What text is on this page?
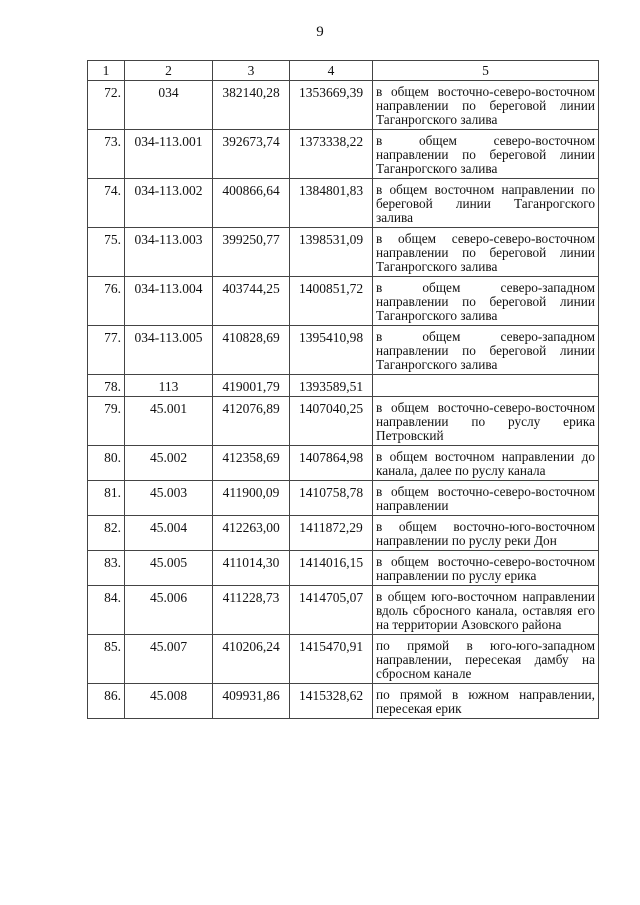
9
1	2	3	4	5
72.	034	382140,28	1353669,39	в общем восточно-северо-восточном направлении по береговой линии Таганрогского залива
73.	034-113.001	392673,74	1373338,22	в общем северо-восточном направлении по береговой линии Таганрогского залива
74.	034-113.002	400866,64	1384801,83	в общем восточном направлении по береговой линии Таганрогского залива
75.	034-113.003	399250,77	1398531,09	в общем северо-северо-восточном направлении по береговой линии Таганрогского залива
76.	034-113.004	403744,25	1400851,72	в общем северо-западном направлении по береговой линии Таганрогского залива
77.	034-113.005	410828,69	1395410,98	в общем северо-западном направлении по береговой линии Таганрогского залива
78.	113	419001,79	1393589,51	
79.	45.001	412076,89	1407040,25	в общем восточно-северо-восточном направлении по руслу ерика Петровский
80.	45.002	412358,69	1407864,98	в общем восточном направлении до канала, далее по руслу канала
81.	45.003	411900,09	1410758,78	в общем восточно-северо-восточном направлении
82.	45.004	412263,00	1411872,29	в общем восточно-юго-восточном направлении по руслу реки Дон
83.	45.005	411014,30	1414016,15	в общем восточно-северо-восточном направлении по руслу ерика
84.	45.006	411228,73	1414705,07	в общем юго-восточном направлении вдоль сбросного канала, оставляя его на территории Азовского района
85.	45.007	410206,24	1415470,91	по прямой в юго-юго-западном направлении, пересекая дамбу на сбросном канале
86.	45.008	409931,86	1415328,62	по прямой в южном направлении, пересекая ерик
